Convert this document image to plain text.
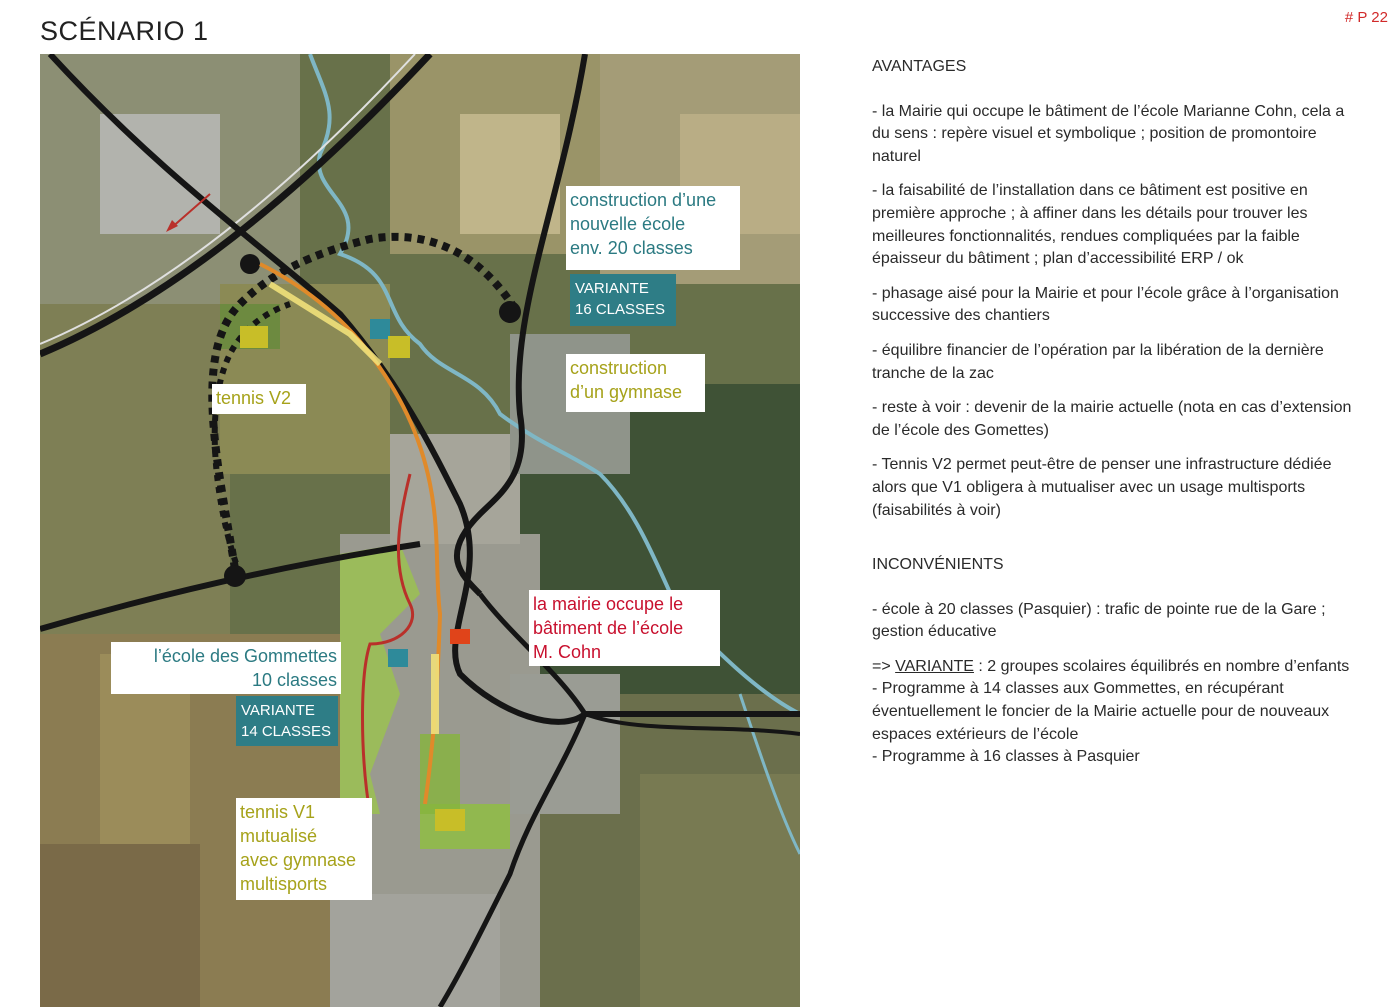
SCÉNARIO 1	# P 22
construction d’une
nouvelle école
env. 20 classes
VARIANTE
16 CLASSES
construction
d’un gymnase
tennis V2
la mairie occupe le
bâtiment de l’école
M. Cohn
l’école des Gommettes
10 classes
VARIANTE
14 CLASSES
tennis V1
mutualisé
avec gymnase
multisports
AVANTAGES

- la Mairie qui occupe le bâtiment de l’école Marianne Cohn, cela a du sens : repère visuel et symbolique ; position de promontoire naturel

- la faisabilité de l’installation dans ce bâtiment est positive en première approche ; à affiner dans les détails pour trouver les meilleures fonctionnalités, rendues compliquées par la faible épaisseur du bâtiment ; plan d’accessibilité ERP / ok

- phasage aisé pour la Mairie et pour l’école grâce à l’organisation successive des chantiers

- équilibre financier de l’opération par la libération de la dernière tranche de la zac

- reste à voir : devenir de la mairie actuelle (nota en cas d’extension de l’école des Gomettes)

- Tennis V2 permet peut-être de penser une infrastructure dédiée alors que V1 obligera à mutualiser avec un usage multisports (faisabilités à voir)

INCONVÉNIENTS

- école à 20 classes (Pasquier) : trafic de pointe rue de la Gare ; gestion éducative

=> VARIANTE : 2 groupes scolaires équilibrés en nombre d’enfants
- Programme à 14 classes aux Gommettes, en récupérant éventuellement le foncier de la Mairie actuelle pour de nouveaux espaces extérieurs de l’école
- Programme à 16 classes à Pasquier
